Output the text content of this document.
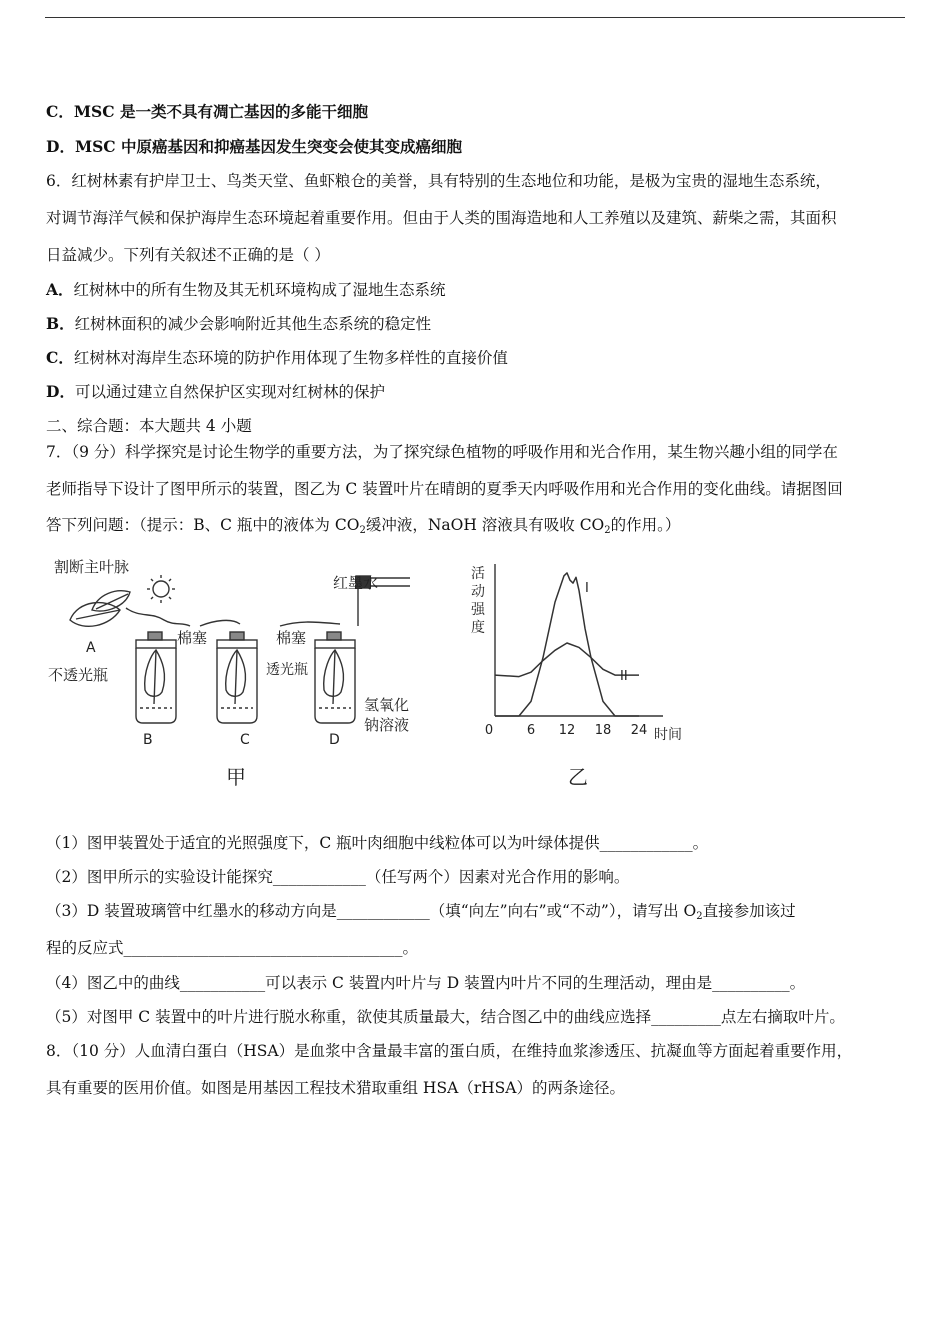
C．MSC 是一类不具有凋亡基因的多能干细胞
D．MSC 中原癌基因和抑癌基因发生突变会使其变成癌细胞
6．红树林素有护岸卫士、鸟类天堂、鱼虾粮仓的美誉，具有特别的生态地位和功能，是极为宝贵的湿地生态系统，
对调节海洋气候和保护海岸生态环境起着重要作用。但由于人类的围海造地和人工养殖以及建筑、薪柴之需，其面积
日益减少。下列有关叙述不正确的是（ ）
A．红树林中的所有生物及其无机环境构成了湿地生态系统
B．红树林面积的减少会影响附近其他生态系统的稳定性
C．红树林对海岸生态环境的防护作用体现了生物多样性的直接价值
D．可以通过建立自然保护区实现对红树林的保护
二、综合题：本大题共 4 小题
7．（9 分）科学探究是讨论生物学的重要方法，为了探究绿色植物的呼吸作用和光合作用，某生物兴趣小组的同学在
老师指导下设计了图甲所示的装置，图乙为 C 装置叶片在晴朗的夏季天内呼吸作用和光合作用的变化曲线。请据图回
答下列问题：（提示：B、C 瓶中的液体为 $CO_2$缓冲液，NaOH 溶液具有吸收 $CO_2$的作用。）
割断主叶脉
A
红墨水
棉塞	棉塞
不透光瓶	透光瓶
氢氧化
钠溶液
B	C	D
甲
0	6 12 18 24
活
动
强
度
时间
I
II
乙
（1）图甲装置处于适宜的光照强度下，C 瓶叶肉细胞中线粒体可以为叶绿体提供____________。
（2）图甲所示的实验设计能探究____________（任写两个）因素对光合作用的影响。
（3）D 装置玻璃管中红墨水的移动方向是____________（填“向左”向右”或“不动”），请写出 $O_2$直接参加该过
程的反应式____________________________________。
（4）图乙中的曲线___________可以表示 C 装置内叶片与 D 装置内叶片不同的生理活动，理由是__________。
（5）对图甲 C 装置中的叶片进行脱水称重，欲使其质量最大，结合图乙中的曲线应选择_________点左右摘取叶片。
8．（10 分）人血清白蛋白（HSA）是血浆中含量最丰富的蛋白质，在维持血浆渗透压、抗凝血等方面起着重要作用，
具有重要的医用价值。如图是用基因工程技术猎取重组 HSA（rHSA）的两条途径。
